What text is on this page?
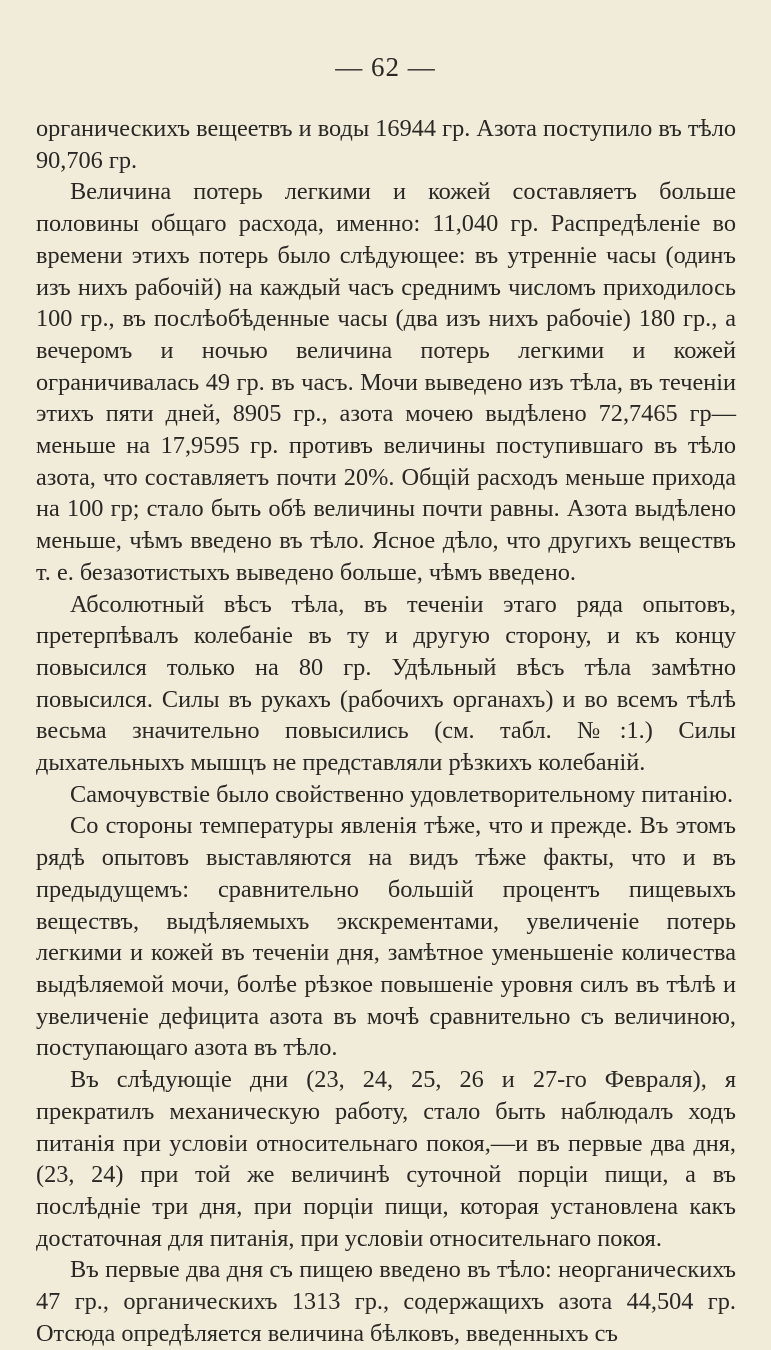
— 62 —

органическихъ вещеетвъ и воды 16944 гр. Азота поступило въ тѣло 90,706 гр.

Величина потерь легкими и кожей составляетъ больше половины общаго расхода, именно: 11,040 гр. Распредѣленіе во времени этихъ потерь было слѣдующее: въ утренніе часы (одинъ изъ нихъ рабочій) на каждый часъ среднимъ числомъ приходилось 100 гр., въ послѣобѣденные часы (два изъ нихъ рабочіе) 180 гр., а вечеромъ и ночью величина потерь легкими и кожей ограничивалась 49 гр. въ часъ. Мочи выведено изъ тѣла, въ теченіи этихъ пяти дней, 8905 гр., азота мочею выдѣлено 72,7465 гр—меньше на 17,9595 гр. противъ величины поступившаго въ тѣло азота, что составляетъ почти 20%. Общій расходъ меньше прихода на 100 гр; стало быть обѣ величины почти равны. Азота выдѣлено меньше, чѣмъ введено въ тѣло. Ясное дѣло, что другихъ веществъ т. е. безазотистыхъ выведено больше, чѣмъ введено.

Абсолютный вѣсъ тѣла, въ теченіи этаго ряда опытовъ, претерпѣвалъ колебаніе въ ту и другую сторону, и къ концу повысился только на 80 гр. Удѣльный вѣсъ тѣла замѣтно повысился. Силы въ рукахъ (рабочихъ органахъ) и во всемъ тѣлѣ весьма значительно повысились (см. табл. №:1.) Силы дыхательныхъ мышцъ не представляли рѣзкихъ колебаній.

Самочувствіе было свойственно удовлетворительному питанію.

Со стороны температуры явленія тѣже, что и прежде. Въ этомъ рядѣ опытовъ выставляются на видъ тѣже факты, что и въ предыдущемъ: сравнительно большій процентъ пищевыхъ веществъ, выдѣляемыхъ экскрементами, увеличеніе потерь легкими и кожей въ теченіи дня, замѣтное уменьшеніе количества выдѣляемой мочи, болѣе рѣзкое повышеніе уровня силъ въ тѣлѣ и увеличеніе дефицита азота въ мочѣ сравнительно съ величиною, поступающаго азота въ тѣло.

Въ слѣдующіе дни (23, 24, 25, 26 и 27-го Февраля), я прекратилъ механическую работу, стало быть наблюдалъ ходъ питанія при условіи относительнаго покоя,—и въ первые два дня, (23, 24) при той же величинѣ суточной порціи пищи, а въ послѣдніе три дня, при порціи пищи, которая установлена какъ достаточная для питанія, при условіи относительнаго покоя.

Въ первые два дня съ пищею введено въ тѣло: неорганическихъ 47 гр., органическихъ 1313 гр., содержащихъ азота 44,504 гр. Отсюда опредѣляется величина бѣлковъ, введенныхъ съ
